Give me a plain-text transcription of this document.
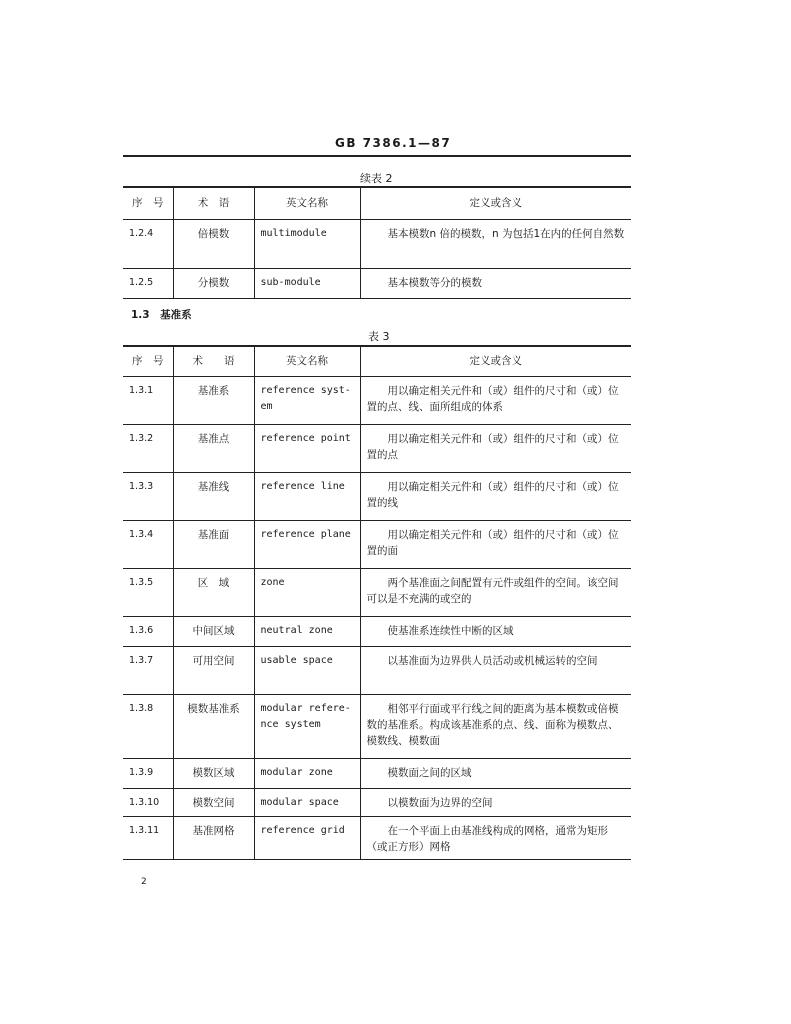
GB 7386.1—87
续表 2
序　号	术　语	英文名称	定义或含义
1.2.4	倍模数	multimodule	基本模数n 倍的模数，n 为包括1在内的任何自然数
1.2.5	分模数	sub-module	基本模数等分的模数
1.3　基准系
表 3
序　号	术　　语	英文名称	定义或含义
1.3.1	基准系	reference syst-em	用以确定相关元件和（或）组件的尺寸和（或）位置的点、线、面所组成的体系
1.3.2	基准点	reference point	用以确定相关元件和（或）组件的尺寸和（或）位置的点
1.3.3	基准线	reference line	用以确定相关元件和（或）组件的尺寸和（或）位置的线
1.3.4	基准面	reference plane	用以确定相关元件和（或）组件的尺寸和（或）位置的面
1.3.5	区　域	zone	两个基准面之间配置有元件或组件的空间。该空间可以是不充满的或空的
1.3.6	中间区域	neutral zone	使基准系连续性中断的区域
1.3.7	可用空间	usable space	以基准面为边界供人员活动或机械运转的空间
1.3.8	模数基准系	modular refere-nce system	相邻平行面或平行线之间的距离为基本模数或倍模数的基准系。构成该基准系的点、线、面称为模数点、模数线、模数面
1.3.9	模数区域	modular zone	模数面之间的区域
1.3.10	模数空间	modular space	以模数面为边界的空间
1.3.11	基准网格	reference grid	在一个平面上由基准线构成的网格，通常为矩形（或正方形）网格
2
